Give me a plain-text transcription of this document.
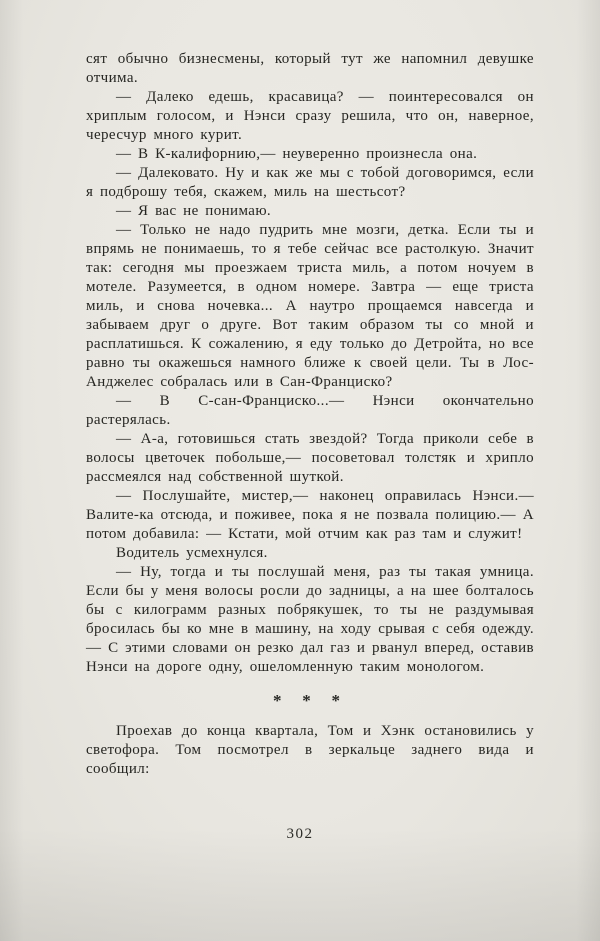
сят обычно бизнесмены, который тут же напомнил девушке отчима.

— Далеко едешь, красавица? — поинтересовался он хриплым голосом, и Нэнси сразу решила, что он, наверное, чересчур много курит.

— В К-калифорнию,— неуверенно произнесла она.

— Далековато. Ну и как же мы с тобой договоримся, если я подброшу тебя, скажем, миль на шестьсот?

— Я вас не понимаю.

— Только не надо пудрить мне мозги, детка. Если ты и впрямь не понимаешь, то я тебе сейчас все растолкую. Значит так: сегодня мы проезжаем триста миль, а потом ночуем в мотеле. Разумеется, в одном номере. Завтра — еще триста миль, и снова ночевка... А наутро прощаемся навсегда и забываем друг о друге. Вот таким образом ты со мной и расплатишься. К сожалению, я еду только до Детройта, но все равно ты окажешься намного ближе к своей цели. Ты в Лос-Анджелес собралась или в Сан-Франциско?

— В С-сан-Франциско...— Нэнси окончательно растерялась.

— А-а, готовишься стать звездой? Тогда приколи себе в волосы цветочек побольше,— посоветовал толстяк и хрипло рассмеялся над собственной шуткой.

— Послушайте, мистер,— наконец оправилась Нэнси.— Валите-ка отсюда, и поживее, пока я не позвала полицию.— А потом добавила: — Кстати, мой отчим как раз там и служит!

Водитель усмехнулся.

— Ну, тогда и ты послушай меня, раз ты такая умница. Если бы у меня волосы росли до задницы, а на шее болталось бы с килограмм разных побрякушек, то ты не раздумывая бросилась бы ко мне в машину, на ходу срывая с себя одежду.— С этими словами он резко дал газ и рванул вперед, оставив Нэнси на дороге одну, ошеломленную таким монологом.

* * *

Проехав до конца квартала, Том и Хэнк остановились у светофора. Том посмотрел в зеркальце заднего вида и сообщил:

302
